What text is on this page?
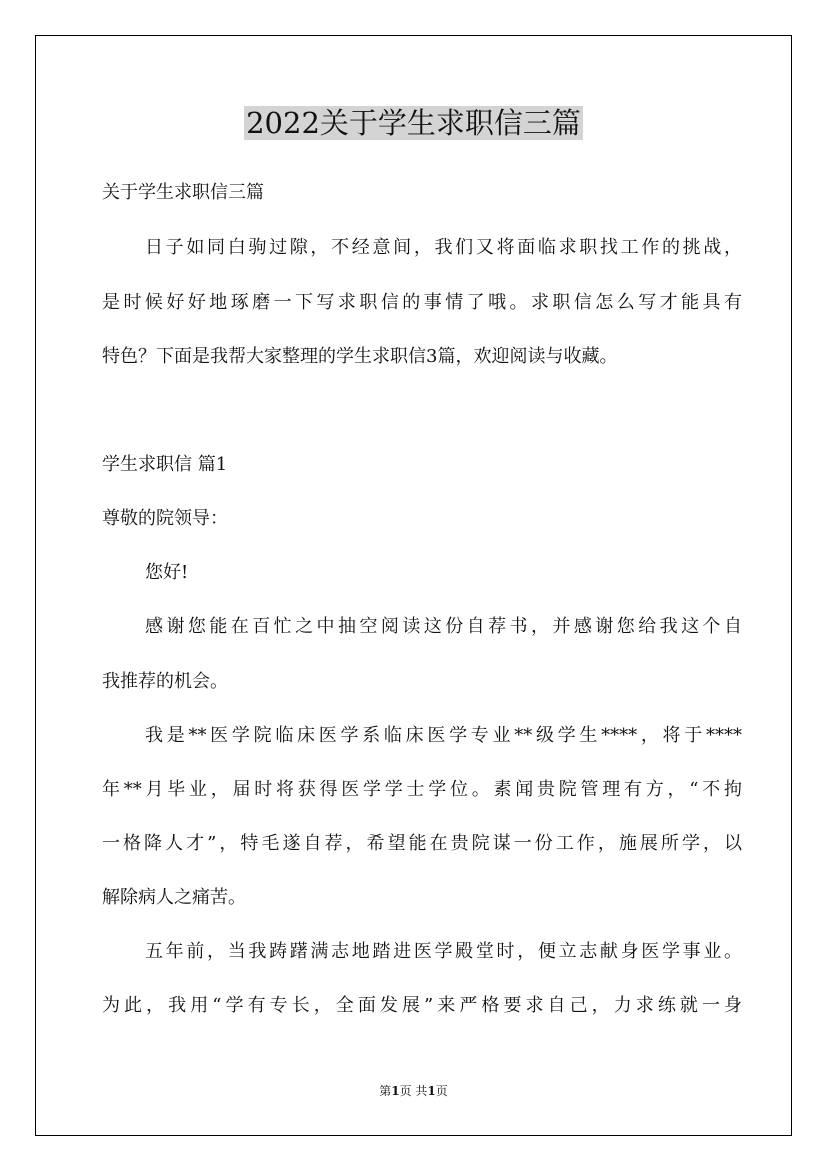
2022关于学生求职信三篇

关于学生求职信三篇

日子如同白驹过隙，不经意间，我们又将面临求职找工作的挑战，

是时候好好地琢磨一下写求职信的事情了哦。求职信怎么写才能具有

特色？下面是我帮大家整理的学生求职信3篇，欢迎阅读与收藏。

学生求职信 篇1

尊敬的院领导：

您好!

感谢您能在百忙之中抽空阅读这份自荐书，并感谢您给我这个自

我推荐的机会。

我是**医学院临床医学系临床医学专业**级学生****，将于****

年**月毕业，届时将获得医学学士学位。素闻贵院管理有方，“不拘

一格降人才”，特毛遂自荐，希望能在贵院谋一份工作，施展所学，以

解除病人之痛苦。

五年前，当我踌躇满志地踏进医学殿堂时，便立志献身医学事业。

为此，我用“学有专长，全面发展”来严格要求自己，力求练就一身

第1页 共1页
